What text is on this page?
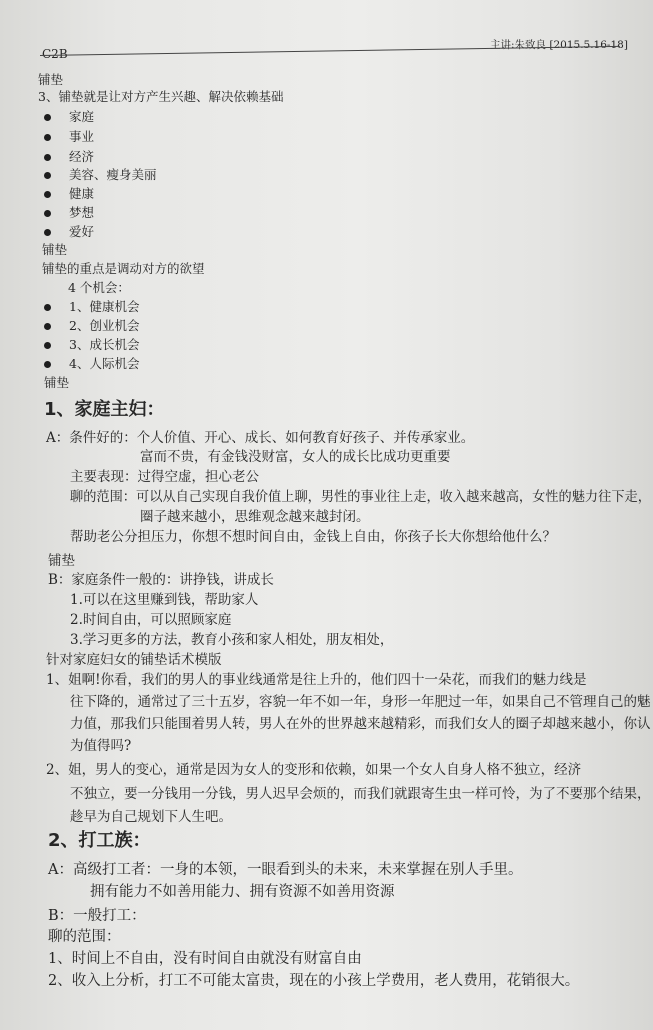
C2B
主讲:朱致良 [2015.5.16-18]
铺垫
3、铺垫就是让对方产生兴趣、解决依赖基础
家庭
事业
经济
美容、瘦身美丽
健康
梦想
爱好
铺垫
铺垫的重点是调动对方的欲望
4 个机会：
1、健康机会
2、创业机会
3、成长机会
4、人际机会
铺垫
1、家庭主妇：
A：条件好的：个人价值、开心、成长、如何教育好孩子、并传承家业。
富而不贵，有金钱没财富，女人的成长比成功更重要
主要表现：过得空虚，担心老公
聊的范围：可以从自己实现自我价值上聊，男性的事业往上走，收入越来越高，女性的魅力往下走，
圈子越来越小，思维观念越来越封闭。
帮助老公分担压力，你想不想时间自由，金钱上自由，你孩子长大你想给他什么？
铺垫
B：家庭条件一般的：讲挣钱，讲成长
1.可以在这里赚到钱，帮助家人
2.时间自由，可以照顾家庭
3.学习更多的方法，教育小孩和家人相处，朋友相处，
针对家庭妇女的铺垫话术模版
1、姐啊!你看，我们的男人的事业线通常是往上升的，他们四十一朵花，而我们的魅力线是
往下降的，通常过了三十五岁，容貌一年不如一年，身形一年肥过一年，如果自己不管理自己的魅
力值，那我们只能围着男人转，男人在外的世界越来越精彩，而我们女人的圈子却越来越小，你认
为值得吗?
2、姐，男人的变心，通常是因为女人的变形和依赖，如果一个女人自身人格不独立，经济
不独立，要一分钱用一分钱，男人迟早会烦的，而我们就跟寄生虫一样可怜，为了不要那个结果，
趁早为自己规划下人生吧。
2、打工族：
A：高级打工者：一身的本领，一眼看到头的未来，未来掌握在别人手里。
拥有能力不如善用能力、拥有资源不如善用资源
B：一般打工：
聊的范围：
1、时间上不自由，没有时间自由就没有财富自由
2、收入上分析，打工不可能太富贵，现在的小孩上学费用，老人费用，花销很大。
